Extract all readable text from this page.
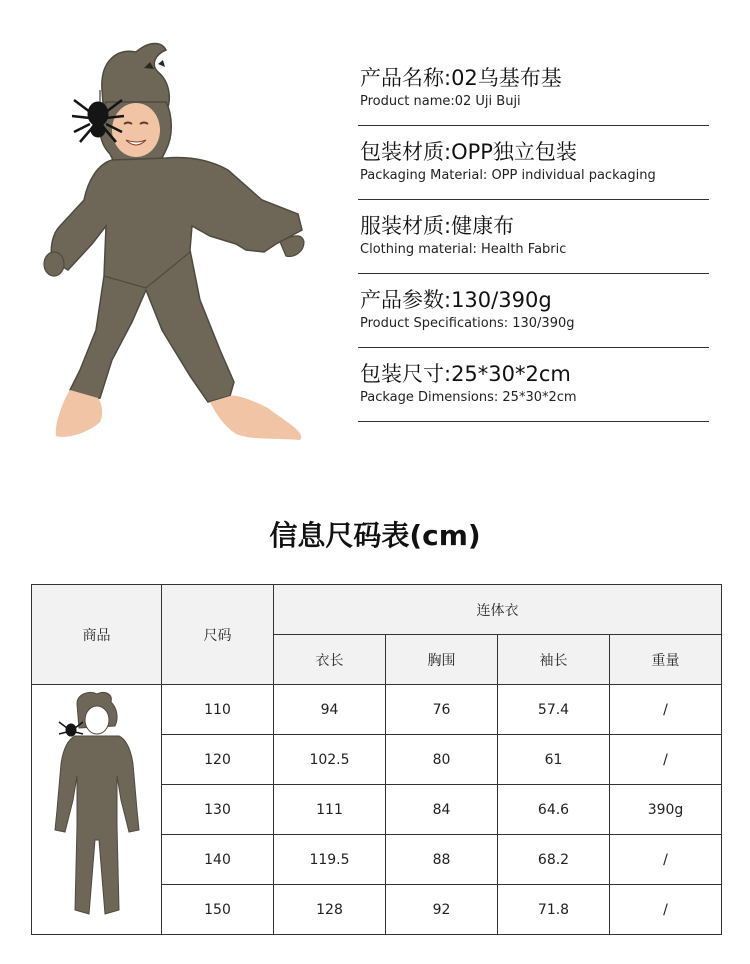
产品名称:02乌基布基
Product name:02 Uji Buji
包装材质:OPP独立包装
Packaging Material: OPP individual packaging
服装材质:健康布
Clothing material: Health Fabric
产品参数:130/390g
Product Specifications: 130/390g
包装尺寸:25*30*2cm
Package Dimensions: 25*30*2cm
信息尺码表(cm)
商品	尺码	连体衣			
		衣长	胸围	袖长	重量

	110	94	76	57.4	/
	120	102.5	80	61	/
	130	111	84	64.6	390g
	140	119.5	88	68.2	/
	150	128	92	71.8	/
